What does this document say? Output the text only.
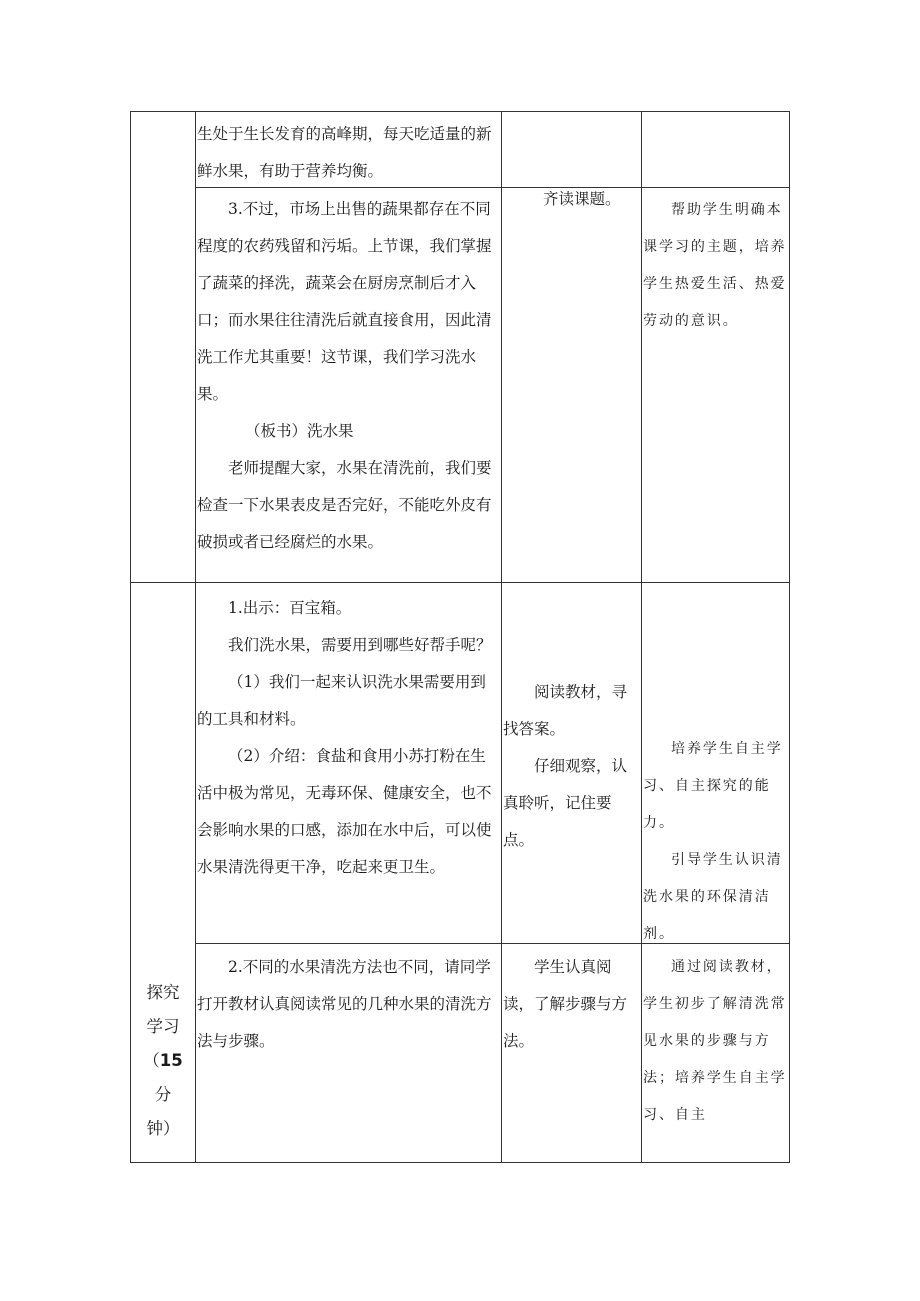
探究
学习
（15
分
钟）

生处于生长发育的高峰期，每天吃适量的新鲜水果，有助于营养均衡。

3.不过，市场上出售的蔬果都存在不同程度的农药残留和污垢。上节课，我们掌握了蔬菜的择洗，蔬菜会在厨房烹制后才入口；而水果往往清洗后就直接食用，因此清洗工作尤其重要！这节课，我们学习洗水果。

（板书）洗水果

老师提醒大家，水果在清洗前，我们要检查一下水果表皮是否完好，不能吃外皮有破损或者已经腐烂的水果。

齐读课题。

帮助学生明确本课学习的主题，培养学生热爱生活、热爱劳动的意识。

1.出示：百宝箱。

我们洗水果，需要用到哪些好帮手呢？

（1）我们一起来认识洗水果需要用到的工具和材料。

（2）介绍：食盐和食用小苏打粉在生活中极为常见，无毒环保、健康安全，也不会影响水果的口感，添加在水中后，可以使水果清洗得更干净，吃起来更卫生。

阅读教材，寻找答案。

仔细观察，认真聆听，记住要点。

培养学生自主学习、自主探究的能力。

引导学生认识清洗水果的环保清洁剂。

2.不同的水果清洗方法也不同，请同学打开教材认真阅读常见的几种水果的清洗方法与步骤。

学生认真阅读，了解步骤与方法。

通过阅读教材，学生初步了解清洗常见水果的步骤与方法；培养学生自主学习、自主
